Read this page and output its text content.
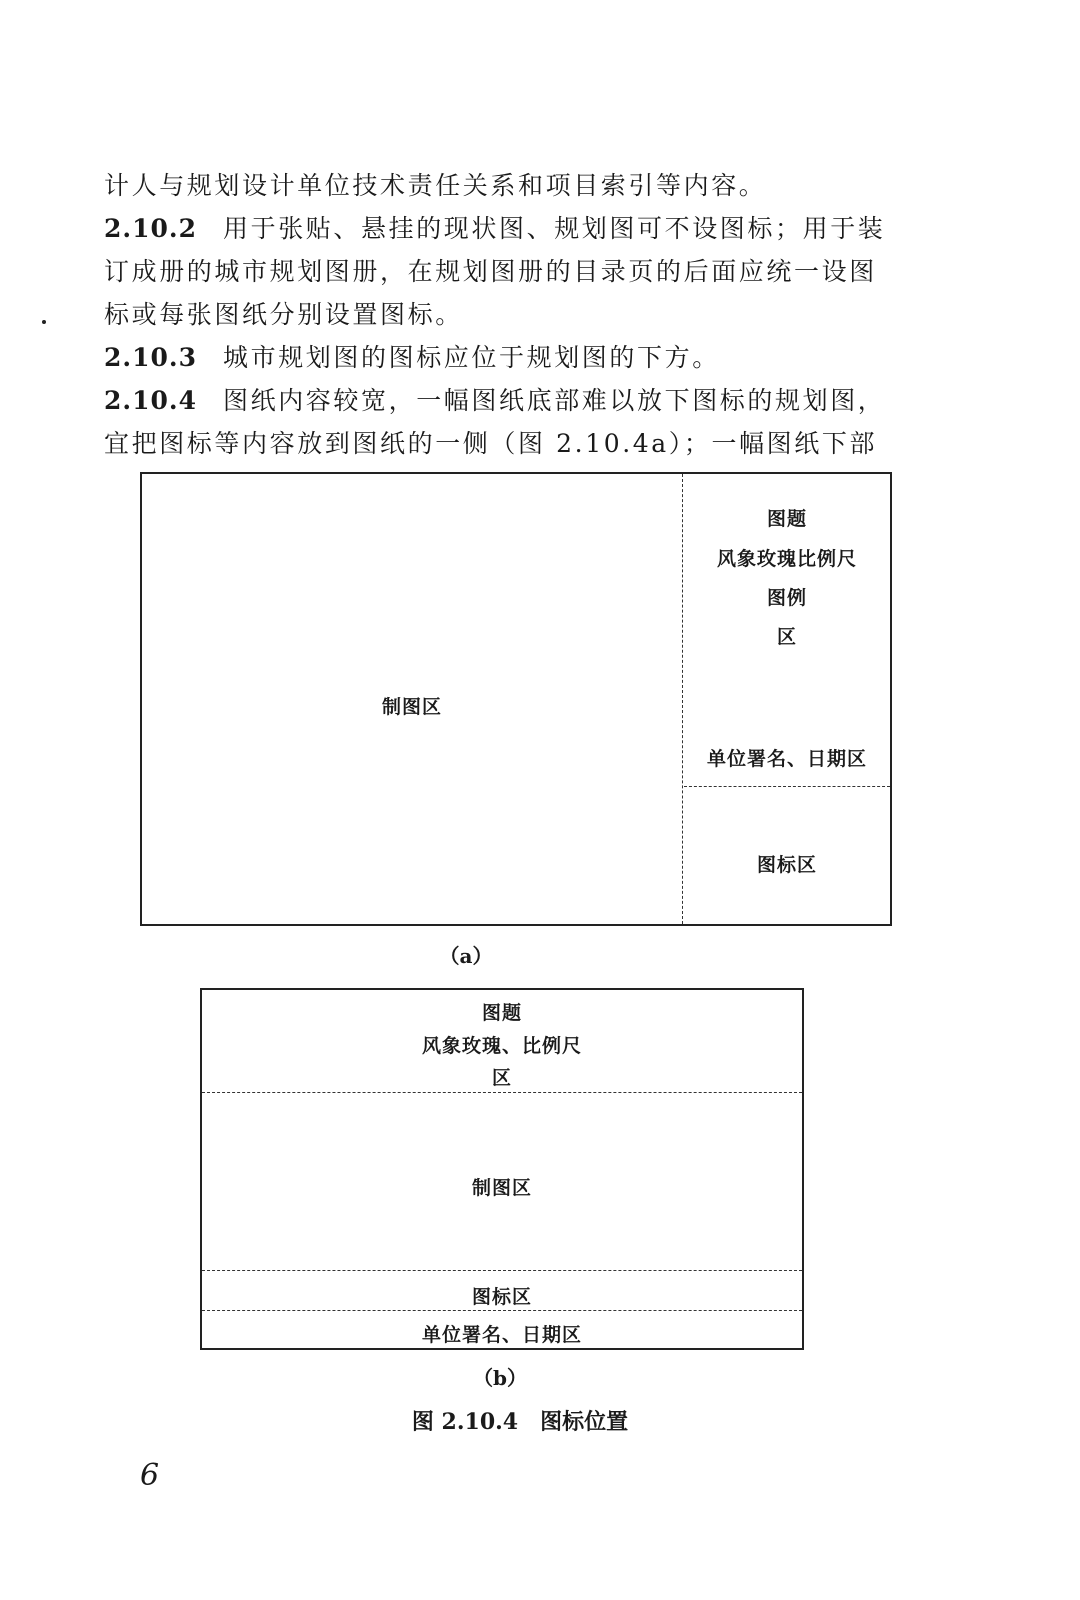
计人与规划设计单位技术责任关系和项目索引等内容。
2.10.2 用于张贴、悬挂的现状图、规划图可不设图标；用于装
订成册的城市规划图册，在规划图册的目录页的后面应统一设图
标或每张图纸分别设置图标。
2.10.3 城市规划图的图标应位于规划图的下方。
2.10.4 图纸内容较宽，一幅图纸底部难以放下图标的规划图，
宜把图标等内容放到图纸的一侧（图 2.10.4a）；一幅图纸下部
制图区
图题
风象玫瑰比例尺
图例
区
单位署名、日期区
图标区
（a）
图题
风象玫瑰、比例尺
区
制图区
图标区
单位署名、日期区
（b）
图 2.10.4　图标位置
6
